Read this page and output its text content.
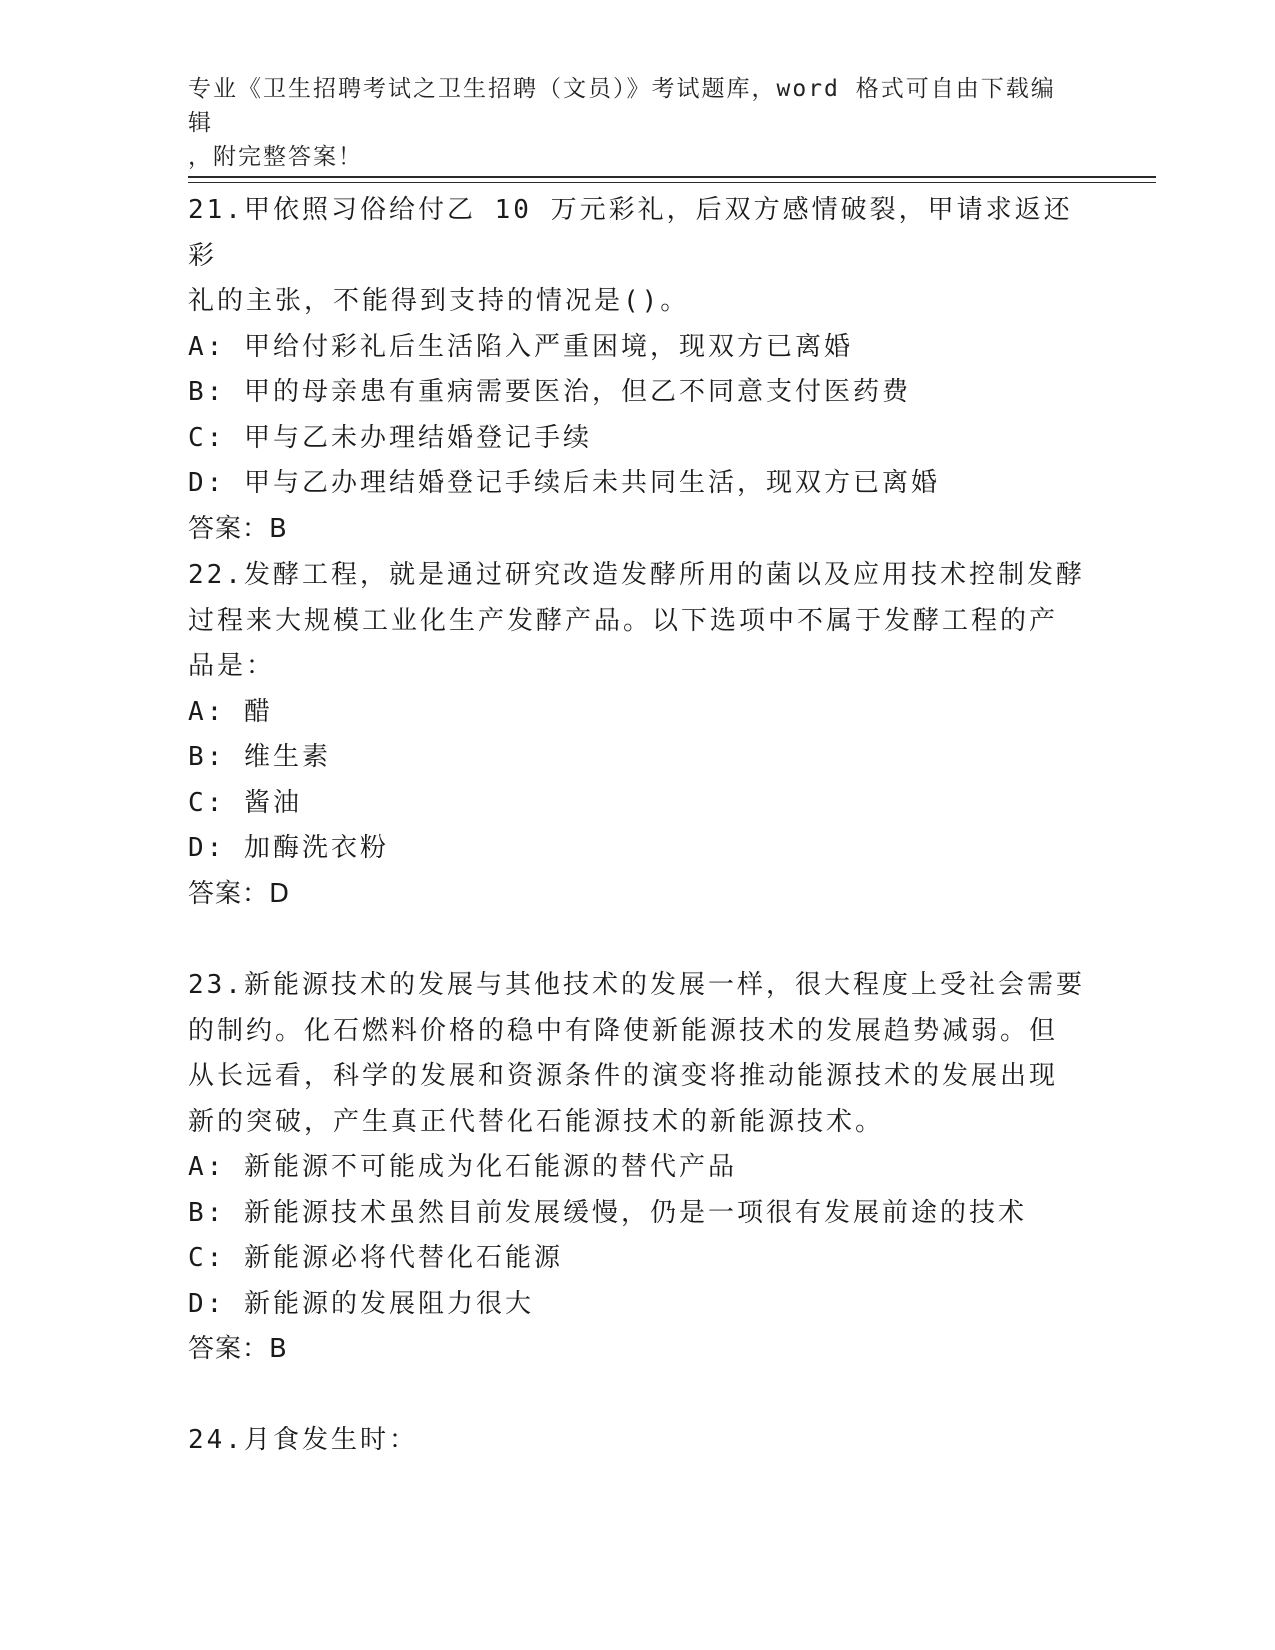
专业《卫生招聘考试之卫生招聘（文员）》考试题库，word 格式可自由下载编辑
，附完整答案！

21.甲依照习俗给付乙 10 万元彩礼，后双方感情破裂，甲请求返还彩

礼的主张，不能得到支持的情况是()。

A: 甲给付彩礼后生活陷入严重困境，现双方已离婚

B: 甲的母亲患有重病需要医治，但乙不同意支付医药费

C: 甲与乙未办理结婚登记手续

D: 甲与乙办理结婚登记手续后未共同生活，现双方已离婚

答案：B

22.发酵工程，就是通过研究改造发酵所用的菌以及应用技术控制发酵

过程来大规模工业化生产发酵产品。以下选项中不属于发酵工程的产

品是：

A: 醋

B: 维生素

C: 酱油

D: 加酶洗衣粉

答案：D

23.新能源技术的发展与其他技术的发展一样，很大程度上受社会需要

的制约。化石燃料价格的稳中有降使新能源技术的发展趋势减弱。但

从长远看，科学的发展和资源条件的演变将推动能源技术的发展出现

新的突破，产生真正代替化石能源技术的新能源技术。

A: 新能源不可能成为化石能源的替代产品

B: 新能源技术虽然目前发展缓慢，仍是一项很有发展前途的技术

C: 新能源必将代替化石能源

D: 新能源的发展阻力很大

答案：B

24.月食发生时：
